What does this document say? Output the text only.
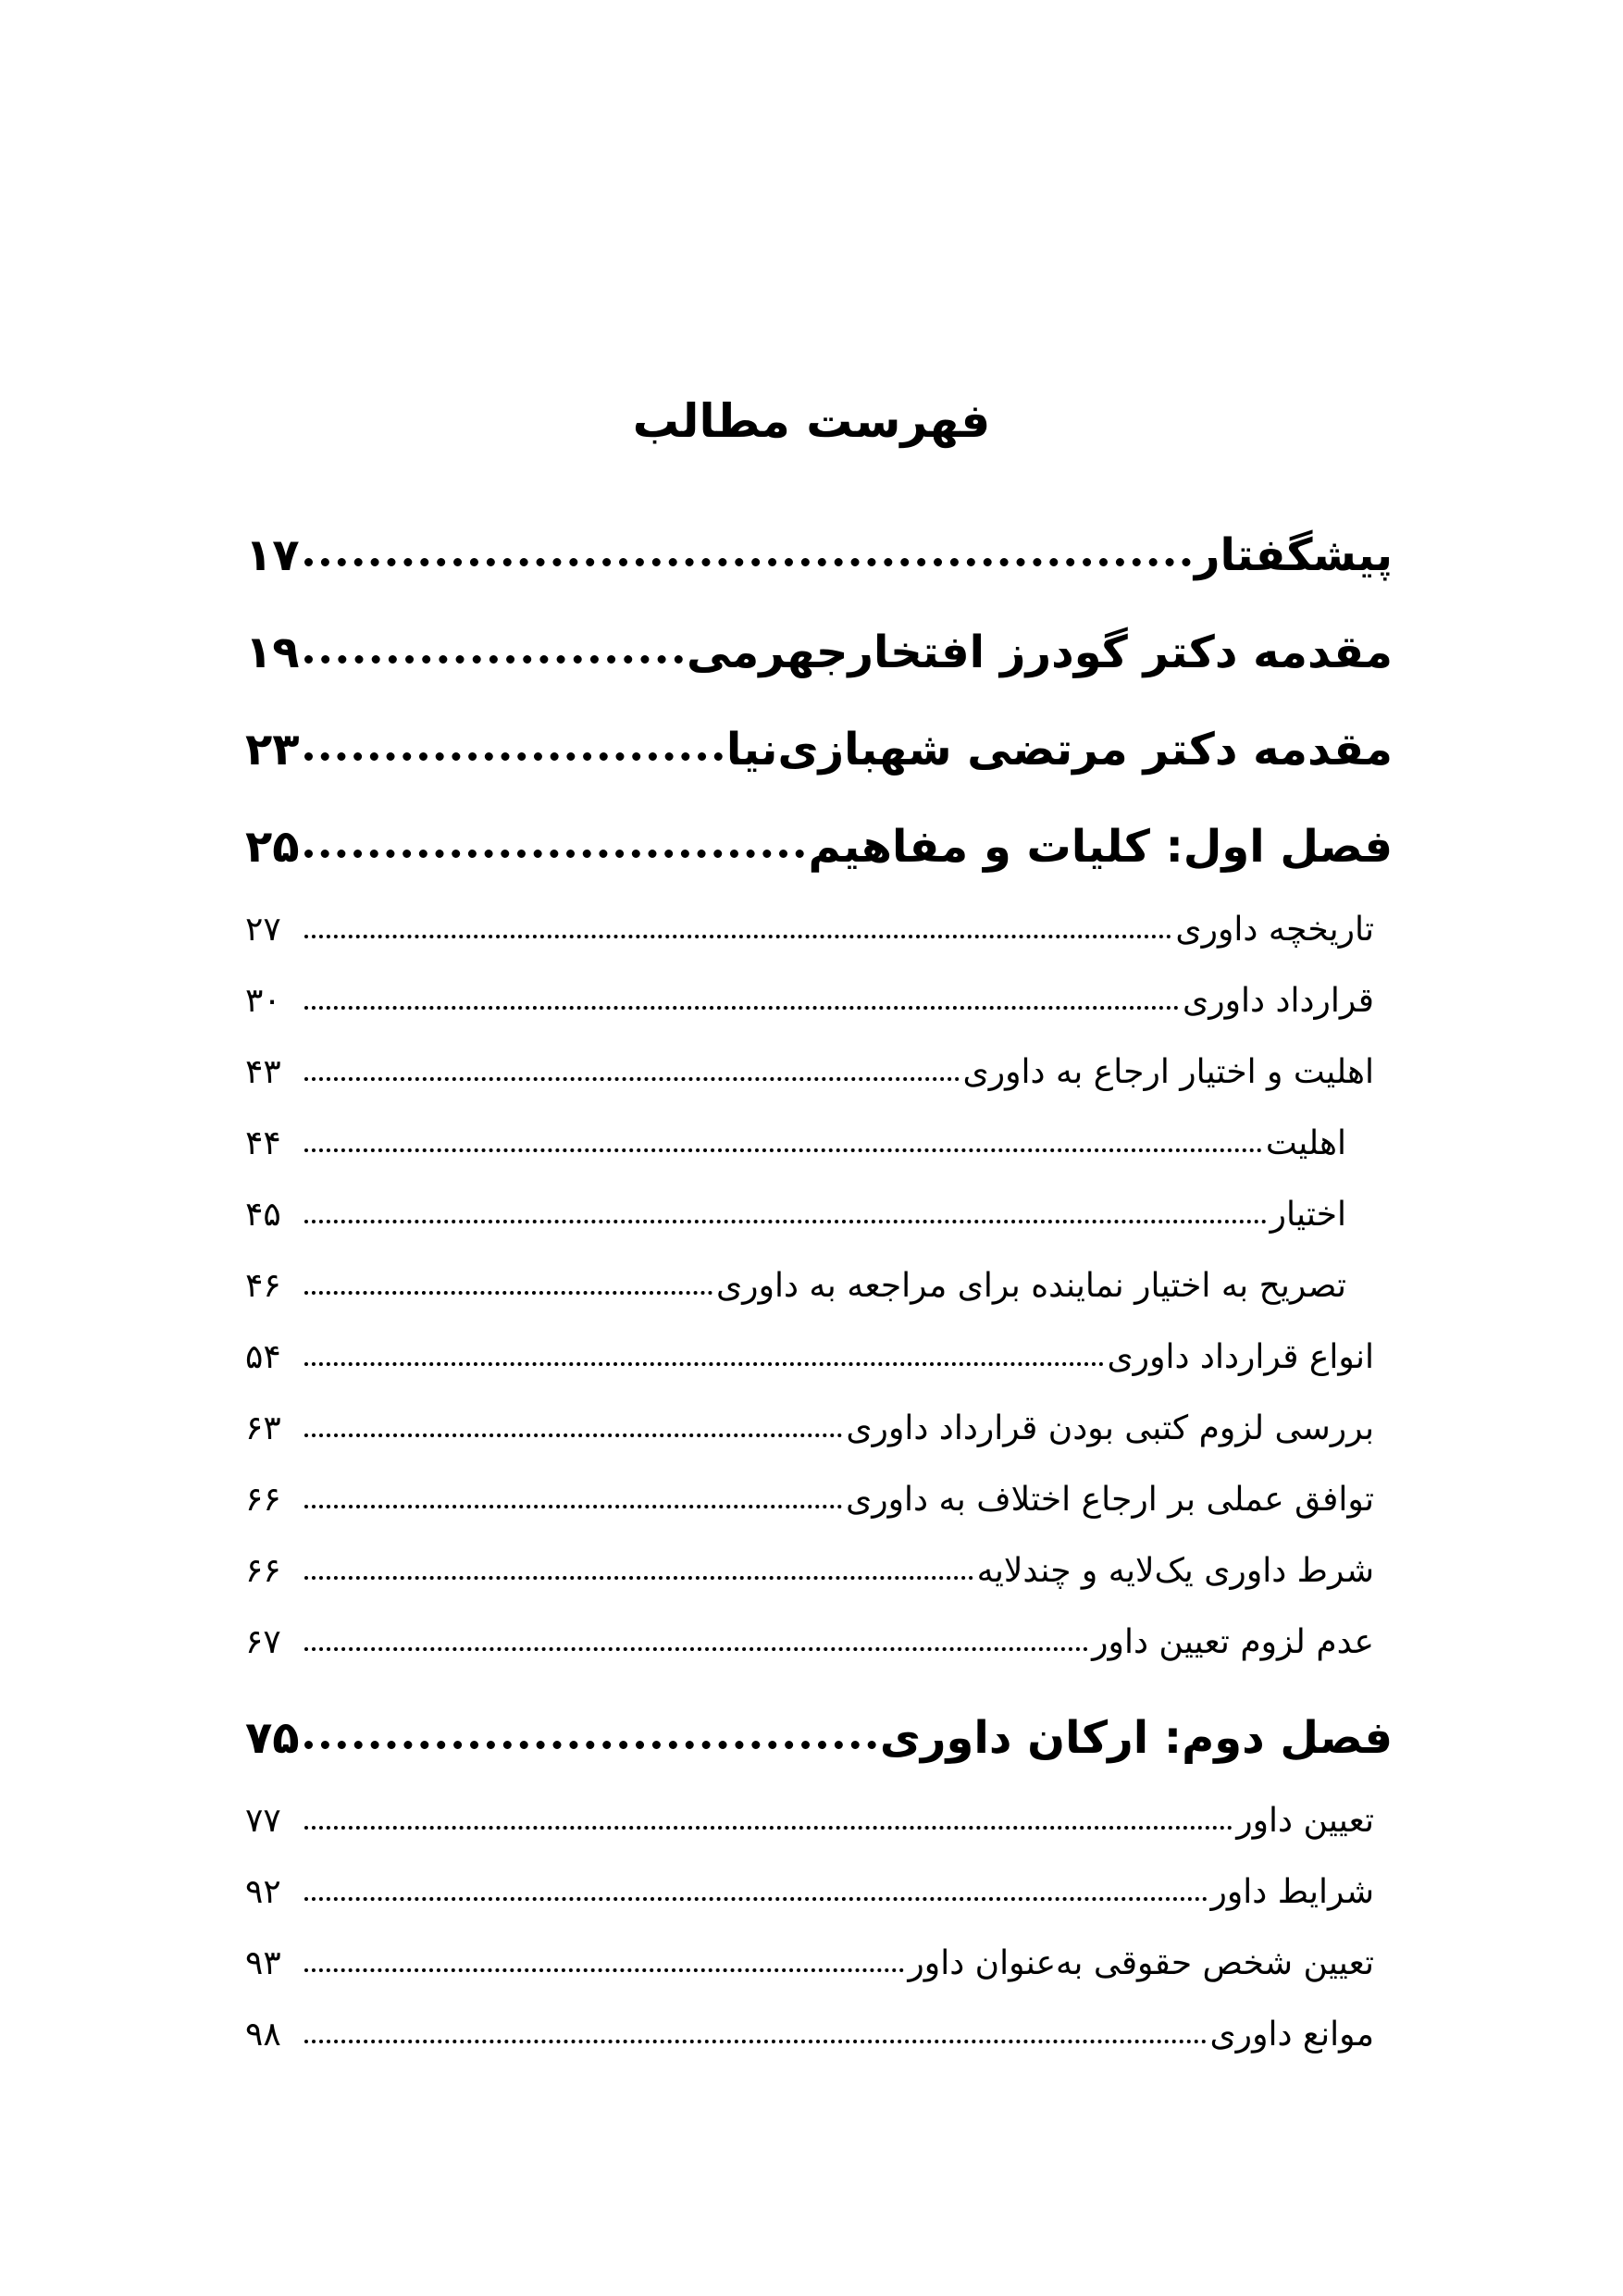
فهرست مطالب
پیشگفتار
۱۷
مقدمه دکتر گودرز افتخارجهرمی
۱۹
مقدمه دکتر مرتضی شهبازی‌نیا
۲۳
فصل اول: کلیات و مفاهیم
۲۵
تاریخچه داوری
۲۷
قرارداد داوری
۳۰
اهلیت و اختیار ارجاع به داوری
۴۳
اهلیت
۴۴
اختیار
۴۵
تصریح به اختیار نماینده برای مراجعه به داوری
۴۶
انواع قرارداد داوری
۵۴
بررسی لزوم کتبی بودن قرارداد داوری
۶۳
توافق عملی بر ارجاع اختلاف به داوری
۶۶
شرط داوری یک‌لایه و چندلایه
۶۶
عدم لزوم تعیین داور
۶۷
فصل دوم: ارکان داوری
۷۵
تعیین داور
۷۷
شرایط داور
۹۲
تعیین شخص حقوقی به‌عنوان داور
۹۳
موانع داوری
۹۸
